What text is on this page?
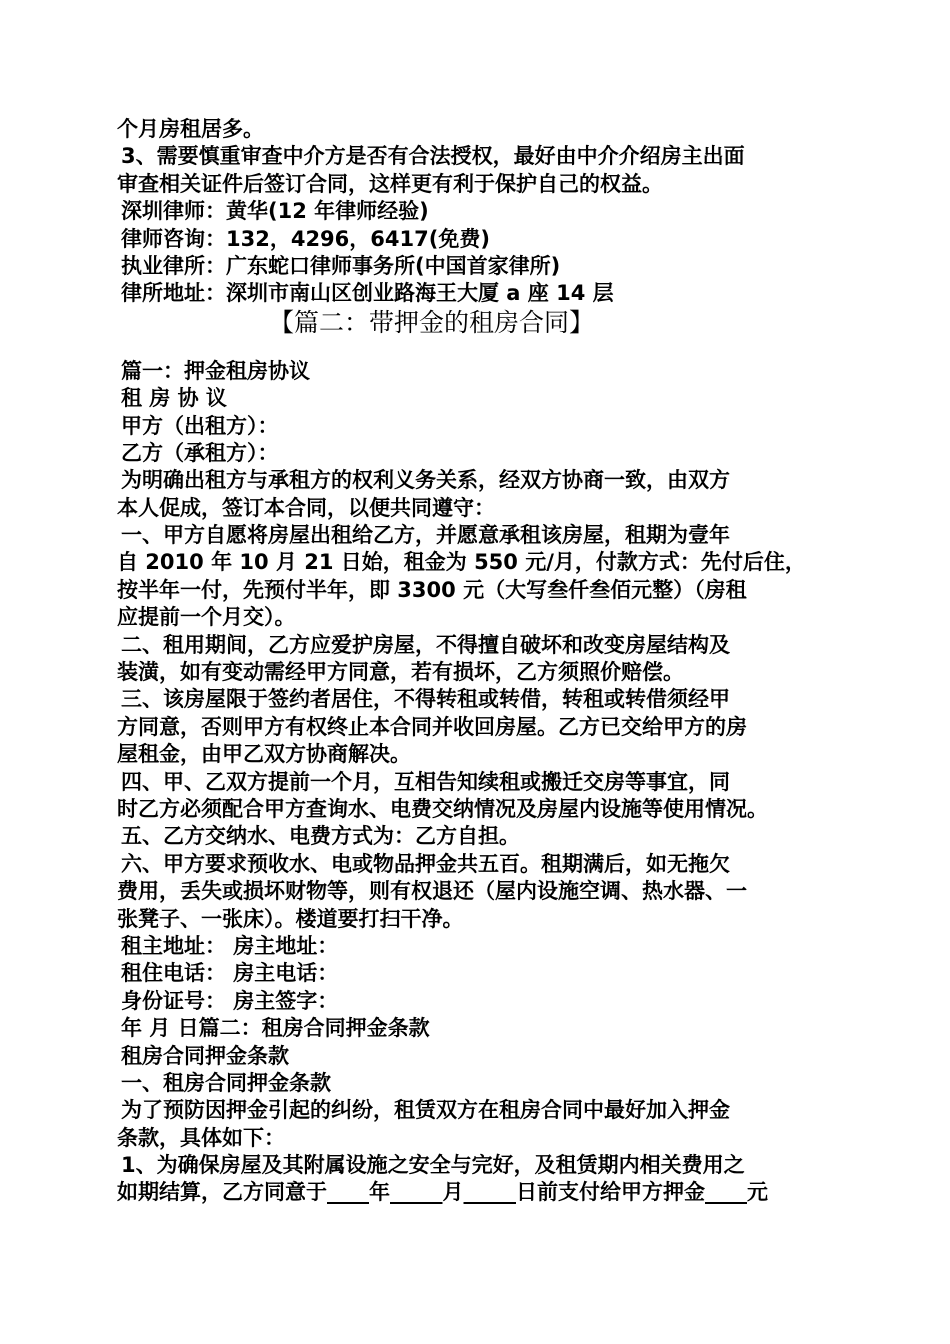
个月房租居多。
3、需要慎重审查中介方是否有合法授权，最好由中介介绍房主出面
审查相关证件后签订合同，这样更有利于保护自己的权益。
深圳律师：黄华(12 年律师经验)
律师咨询：132，4296，6417(免费)
执业律所：广东蛇口律师事务所(中国首家律所)
律所地址：深圳市南山区创业路海王大厦 a 座 14 层
【篇二：带押金的租房合同】
篇一：押金租房协议
租 房 协 议
甲方（出租方）：
乙方（承租方）：
为明确出租方与承租方的权利义务关系，经双方协商一致，由双方
本人促成，签订本合同，以便共同遵守：
一、甲方自愿将房屋出租给乙方，并愿意承租该房屋，租期为壹年
自 2010 年 10 月 21 日始，租金为 550 元/月，付款方式：先付后住，
按半年一付，先预付半年，即 3300 元（大写叁仟叁佰元整）（房租
应提前一个月交）。
二、租用期间，乙方应爱护房屋，不得擅自破坏和改变房屋结构及
装潢，如有变动需经甲方同意，若有损坏，乙方须照价赔偿。
三、该房屋限于签约者居住，不得转租或转借，转租或转借须经甲
方同意，否则甲方有权终止本合同并收回房屋。乙方已交给甲方的房
屋租金，由甲乙双方协商解决。
四、甲、乙双方提前一个月，互相告知续租或搬迁交房等事宜，同
时乙方必须配合甲方查询水、电费交纳情况及房屋内设施等使用情况。
五、乙方交纳水、电费方式为：乙方自担。
六、甲方要求预收水、电或物品押金共五百。租期满后，如无拖欠
费用，丢失或损坏财物等，则有权退还（屋内设施空调、热水器、一
张凳子、一张床）。楼道要打扫干净。
租主地址： 房主地址：
租住电话： 房主电话：
身份证号： 房主签字：
年 月 日篇二：租房合同押金条款
租房合同押金条款
一、租房合同押金条款
为了预防因押金引起的纠纷，租赁双方在租房合同中最好加入押金
条款，具体如下：
1、为确保房屋及其附属设施之安全与完好，及租赁期内相关费用之
如期结算，乙方同意于____年_____月_____日前支付给甲方押金____元
